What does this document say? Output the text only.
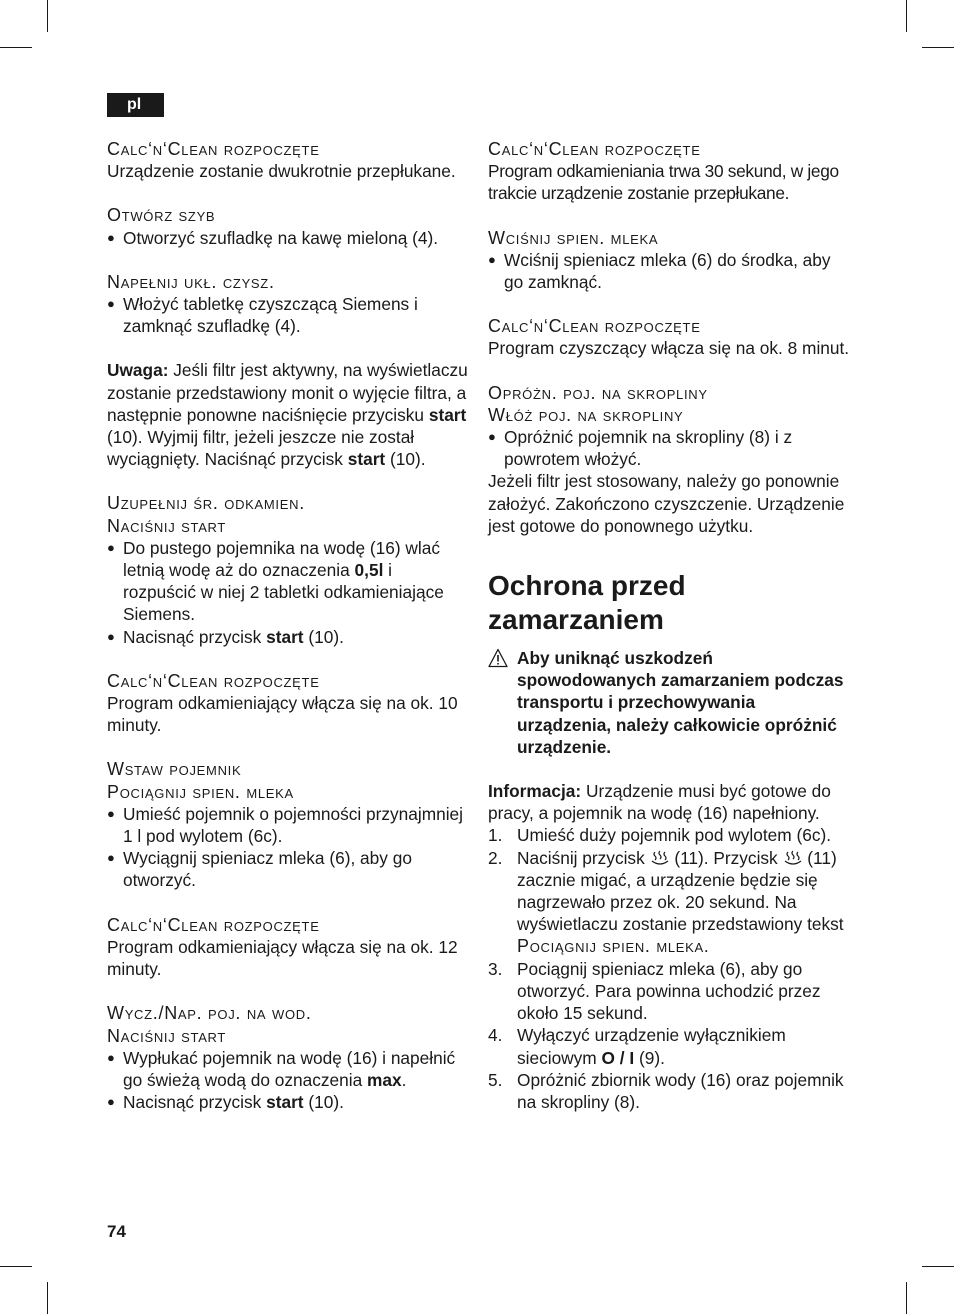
pl

Calc‘n‘Clean rozpoczęte

Urządzenie zostanie dwukrotnie przepłukane.

Otwórz szyb

● Otworzyć szufladkę na kawę mieloną (4).

Napełnij ukł. czysz.

● Włożyć tabletkę czyszczącą Siemens i zamknąć szufladkę (4).

Uwaga: Jeśli filtr jest aktywny, na wyświetlaczu zostanie przedstawiony monit o wyjęcie filtra, a następnie ponowne naciśnięcie przycisku start (10). Wyjmij filtr, jeżeli jeszcze nie został wyciągnięty. Naciśnąć przycisk start (10).

Uzupełnij śr. odkamien.

Naciśnij start

● Do pustego pojemnika na wodę (16) wlać letnią wodę aż do oznaczenia 0,5l i rozpuścić w niej 2 tabletki odkamieniające Siemens.
● Nacisnąć przycisk start (10).

Calc‘n‘Clean rozpoczęte

Program odkamieniający włącza się na ok. 10 minuty.

Wstaw pojemnik

Pociągnij spien. mleka

● Umieść pojemnik o pojemności przynajmniej 1 l pod wylotem (6c).
● Wyciągnij spieniacz mleka (6), aby go otworzyć.

Calc‘n‘Clean rozpoczęte

Program odkamieniający włącza się na ok. 12 minuty.

Wycz./Nap. poj. na wod.

Naciśnij start

● Wypłukać pojemnik na wodę (16) i napełnić go świeżą wodą do oznaczenia max.
● Nacisnąć przycisk start (10).

Calc‘n‘Clean rozpoczęte

Program odkamieniania trwa 30 sekund, w jego trakcie urządzenie zostanie przepłukane.

Wciśnij spien. mleka

● Wciśnij spieniacz mleka (6) do środka, aby go zamknąć.

Calc‘n‘Clean rozpoczęte

Program czyszczący włącza się na ok. 8 minut.

Opróżn. poj. na skropliny

Włóż poj. na skropliny

● Opróżnić pojemnik na skropliny (8) i z powrotem włożyć.

Jeżeli filtr jest stosowany, należy go ponownie założyć. Zakończono czyszczenie. Urządzenie jest gotowe do ponownego użytku.

Ochrona przed
zamarzaniem
Aby uniknąć uszkodzeń spowodowanych zamarzaniem podczas transportu i przechowywania urządzenia, należy całkowicie opróżnić urządzenie.

Informacja: Urządzenie musi być gotowe do pracy, a pojemnik na wodę (16) napełniony.

1. Umieść duży pojemnik pod wylotem (6c).
2. Naciśnij przycisk  (11). Przycisk  (11) zacznie migać, a urządzenie będzie się nagrzewało przez ok. 20 sekund. Na wyświetlaczu zostanie przedstawiony tekst Pociągnij spien. mleka.
3. Pociągnij spieniacz mleka (6), aby go otworzyć. Para powinna uchodzić przez około 15 sekund.
4. Wyłączyć urządzenie wyłącznikiem sieciowym O / I (9).
5. Opróżnić zbiornik wody (16) oraz pojemnik na skropliny (8).
74
